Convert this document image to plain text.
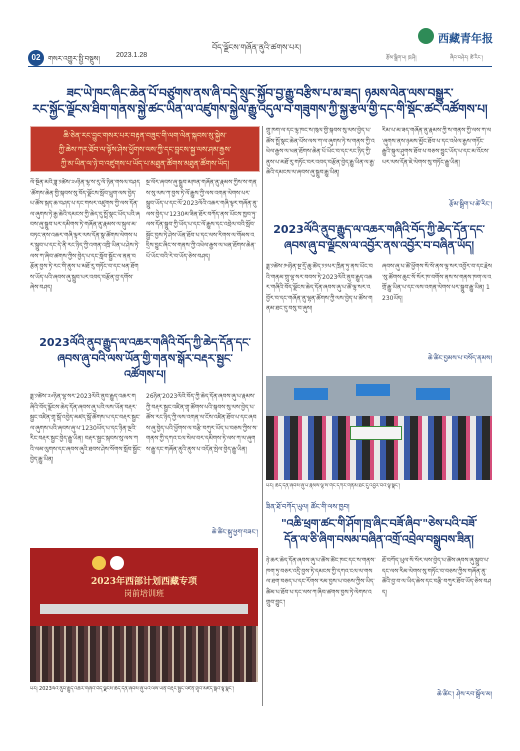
བོད་ལྗོངས་གཞོན་ནུའི་ཚགས་པར།
西藏青年报
02	གསར་འགྱུར་སྤྱི་བསྡུས། 2023.1.28	རྩོམ་སྒྲིག་པ། ཁྲ་ཤི།	ཞིབ་བཤེར། ཚེ་རིང་།
ཟང་ཡེ་ཁང་ཞིང་ཆེན་པོ་བཙུགས་ནས་ཞི་བདེ་སྲུང་སྐྱོབ་བྱ་རྒྱུ་བརྩིས་པ་མ་ཟད། ཉམས་ལེན་ལས་བསྒྱུར་
རང་སྐྱོང་ལྗོངས་ཐིག་གནས་སྐྱེ་ཚང་ཡིན་ལ་འཛུགས་སྐྱེལ་རྒྱུ་འདུལ་བ་གཟུགས་ཀྱི་སྐྱ་རྩལ་གྱི་དང་གི་སྡོང་ཚང་འཚོགས་པ།
ཆི་ཅེན་རང་བྱུང་གསར་པར་བརྟན་བཟུང་གི་ལག་ལེན་སྐབས་སུ་སྐྱེས་
ཀྱི་ཆེས་ཀར་ཐོབ་ལ་ལྟོས་ཤེས་ཕྱོགས་ལས་ཀྱི་དང་བླངས་སྐྱ་ལས་ཤམ་རྒྱས་
ཀྱི་མ་ཡིན་ལ་ཉེ་བ་འཛུགས་པ་ཡོད་པ་མཐུན་ཚོགས་མཐུན་ཚོགས་ཡོད།
ལོ་སྔོན་མའི་ཟླ་༡ཚེས་༢༦ཉིན་ལྷ་ས་རུ་ལོ་ཉིན་གསལ་བཤད་ཚོགས་ཆེན་གྱི་སྐབས་སུ་བོད་ལྗོངས་སློབ་ཕྲུག་ལས་བྱེད་པ་ཚོས་སྐད་ཆ་བཤད་པ་དང་གསར་འཛུགས་ཀྱི་ལས་དོན་ལ་ཞུགས་ཏེ་རྒྱ་ཆེའི་དམངས་ཀྱི་ཆེད་དུ་སྤྲོ་སྣང་ཡོད་པའི་ཞབས་ཞུ་སྒྲུབ་པར་དམིགས་ཏེ་གཞོན་ནུ་རྣམས་ལ་སྐུལ་མ་བཏང་ནས་འཆར་གཞི་ལྟར་ལས་དོན་སྣ་ཚོགས་ལེགས་པར་སྒྲུབ་པ་དང་དེ་ནི་རང་ཉིད་ཀྱི་འགན་འཁྲི་ཡིན་པ་ཤེས་ཏེ་ལས་ཀ་ཞིབ་ཚགས་ཀྱིས་བྱེད་པ་དང་སློབ་སྦྱོང་ལ་ནན་བརྩོན་བྱས་ཏེ་རང་གི་ནུས་པ་མཐོ་རུ་གཏོང་བ་དང་ཕན་ཐོགས་ཡོད་པའི་ཞབས་ཞུ་སྒྲུབ་པར་འབད་བརྩོན་བྱ་དགོས་ཞེས་བཤད།
སྔ་ལོར་ཞབས་ཞུ་སྒྲུབ་མཁན་གཞོན་ནུ་རྣམས་ཀྱིས་ས་གནས་སུ་ལས་ཀ་བྱས་ཏེ་ལོ་རྒྱུས་ཀྱི་ལས་འགན་ལེགས་པར་སྒྲུབ་ཡོད་པ་དང་ལོ་2023ལོའི་འཆར་གཞི་ལྟར་གཞོན་ནུ་ལས་བྱེད་པ་1230མ་ཟིན་ཐོར་བཀོད་ནས་ཡོངས་ཁྱབ་ཏུ་ལས་དོན་སྒྲུབ་ཀྱི་ཡོད་པ་དང་ལོ་རྒྱུས་དང་འབྲེལ་བའི་སློབ་སྦྱོང་བྱས་ཏེ་ཤེས་ཡོན་ཐོབ་པ་དང་ལས་རིགས་ལ་གོམས་འདྲིས་བྱུང་ཞིང་ས་གནས་ཀྱི་འཕེལ་རྒྱས་ལ་ཕན་ཐོགས་ཆེན་པོ་ཡོང་བའི་རེ་བ་ཡོད་ཅེས་བཤད།
2023ལོའི་ནུབ་རྒྱུད་ལ་འཆར་གཞིའི་བོད་ཀྱི་ཆེད་དོན་དང་
ཞབས་ཞུ་བའི་ལས་ཡོན་གྱི་གནས་སྒོར་བརྡར་སྦྱང་
འཚོགས་པ།
ཟླ་༡ཚེས་༢༦ཉིན་ལྷ་སར་2023ལོའི་ནུབ་རྒྱུད་འཆར་གཞིའི་བོད་ལྗོངས་ཆེད་དོན་ཞབས་ཞུ་པའི་ལས་ཡོན་བརྡར་སྦྱང་འཛིན་གྲྭ་སྒོ་འབྱེད་མཛད་སྒོ་ཚོགས་པ་དང་བརྡར་སྦྱང་ལ་ཞུགས་པའི་ཞབས་ཞུ་པ་1230ཡོད་པ་དང་ཉིན་ལྔའི་རིང་བརྡར་སྦྱང་བྱེད་རྒྱུ་ཡིན། བརྡར་སྦྱང་སྐབས་སུ་ལས་ཀའི་ལམ་ལུགས་དང་ཞབས་ཞུའི་ཐབས་ཤེས་སོགས་སློབ་སྦྱོང་བྱེད་རྒྱུ་ཡིན།
26ཉིན་2023ལོའི་བོད་ཀྱི་ཆེད་དོན་ཞབས་ཞུ་པ་རྣམས་ཀྱི་བརྡར་སྦྱང་འཛིན་གྲྭ་ཚོགས་པའི་སྐབས་སུ་ལས་བྱེད་པ་ཚོས་རང་ཉིད་ཀྱི་ལས་འགན་ལ་ངོས་འཛིན་ཐོབ་པ་དང་ཞབས་ཞུ་བྱེད་པའི་ཕྱོགས་ལ་བརྩི་བཀུར་ཡོད་པ་བཅས་ཀྱིས་ས་གནས་ཀྱི་དཀའ་ངལ་སེལ་བར་དམིགས་ཏེ་ལས་ཀ་ལ་ཞུགས་རྒྱུ་དང་གཞོན་ནུའི་ནུས་པ་འདོན་སྤེལ་བྱེད་རྒྱུ་ཡིན།
ཆེ་ཚིང་སྐུ་ཕྱག་བཟང་།
2023年西部计划西藏专项
岗前培训班
པར། 2023ལོའི་ནུབ་རྒྱུད་འཆར་གཞིའི་བོད་ལྗོངས་ཆེད་དོན་ཞབས་ཞུ་པའི་ལས་ཡོན་བརྡར་སྦྱང་འཛིན་གྲྭའི་མཛད་སྒོའི་ལྟ་སྣང་།
གྲུ་ཁག་ལ་དང་ལྷ་ཁང་ས་ཁུལ་གྱི་སྐབས་སུ་ལས་བྱེད་པ་ཚོས་སྤྲོ་སྣང་ཆེན་པོས་ལས་ཀ་ལ་ཞུགས་ཏེ་ས་གནས་ཀྱི་འཕེལ་རྒྱས་ལ་ཕན་ཐོགས་ཆེན་པོ་ཡོང་བ་དང་རང་ཉིད་ཀྱི་ནུས་པ་མཐོ་རུ་གཏོང་བར་འབད་བརྩོན་བྱེད་རྒྱུ་ཡིན་ལ་རྒྱ་ཆེའི་དམངས་ལ་ཞབས་ཞུ་སྒྲུབ་རྒྱུ་ཡིན།
རིམ་པ་མ་ཟད་གཞོན་ནུ་རྣམས་ཀྱི་ས་གནས་ཀྱི་ལས་ཀ་ལ་ཞུགས་ནས་ཉམས་མྱོང་ཐོབ་པ་དང་འཕེལ་རྒྱས་གཏོང་རྒྱུའི་སྐུལ་ཤུགས་ཐོབ་པ་བཅས་བྱུང་ཡོད་པ་དང་མ་འོངས་པར་ལས་དོན་ཇེ་ལེགས་སུ་གཏོང་རྒྱུ་ཡིན།
རྩོམ་སྒྲིག་པ་ཚེ་རིང་།
2023ལོའི་ནུབ་རྒྱུད་ལ་འཆར་གཞིའི་བོད་ཀྱི་ཆེད་དོན་དང་
ཞབས་ཞུ་བ་ལྗོངས་ལ་འབྱོར་ནས་འབྱོར་བ་བཞིན་ཡོད།
ཟླ་༡ཚེས་༡༥ཉིན་སྔ་དྲོ་ཆུ་ཚོད་༡༡པར་ཁྲིན་ཏུ་ནས་ཡོང་བའི་གནམ་གྲུ་ལྷ་སར་བབས་ཏེ་2023ལོའི་ནུབ་རྒྱུད་འཆར་གཞིའི་བོད་ལྗོངས་ཆེད་དོན་ཞབས་ཞུ་པ་ཚོ་ལྷ་སར་འབྱོར་བ་དང་གཞོན་ནུ་ལྷན་ཚོགས་ཀྱི་ལས་བྱེད་པ་ཚོས་གནམ་ཐང་དུ་བསུ་བ་ཞུས།
ཞབས་ཞུ་པ་ཚོ་ཕྱོགས་སོ་སོ་ནས་ལྷ་སར་འབྱོར་བ་དང་རྗེས་སུ་ཚོགས་ཆུང་སོ་སོར་ཁ་བགོས་ནས་ས་གནས་ཁག་ལ་འགྲོ་རྒྱུ་ཡིན་པ་དང་ལས་འགན་ལེགས་པར་སྒྲུབ་རྒྱུ་ཡིན། 1230ཡོད།
ཆེ་ཚིང་བྱམས་པ་བསོད་ནམས།
པར། ཆེད་དོན་ཞབས་ཞུ་པ་རྣམས་ལྷ་ས་གོང་དཀར་གནམ་ཐང་དུ་འབྱོར་བའི་ལྟ་སྣང་།
ཟིན་ཐོ་བཀོད་ཡུལ། ཚོང་གི་ལས་ཁྱབ།
"འཆི་ཕྲག་ཚང་གི་ཤོག་ཁྲ་ཞིང་བཟོ་ཞིབ་"ཅེས་པའི་བཟོ་
དོན་ལ་ཅི་ཞིག་བསམ་བཞིན་འགྲོ་འབྲེལ་བསྒྲུབས་ཟིན།
ཉེ་ཆར་ཆེད་དོན་ཞབས་ཞུ་པ་ཚོས་ཚོང་ཁང་དང་ས་གནས་ཁག་ཏུ་བཅར་འདྲི་བྱས་ཏེ་དམངས་ཀྱི་དཀའ་ངལ་ལ་གསལ་ཐག་བཅད་པ་དང་རོགས་རམ་བྱས་པ་བཅས་ཀྱིས་ཡིད་ཚིམ་པ་ཐོབ་པ་དང་ལས་ཀ་ཞིབ་ཚགས་བྱས་ཏེ་ལེགས་འགྲུབ་བྱུང་།
ཐོ་བཀོད་ཡུལ་སོ་སོར་ལས་བྱེད་པ་ཚོས་ཞབས་ཞུ་སྒྲུབ་པ་དང་ལས་རིམ་ལེགས་སུ་གཏོང་བ་བཅས་ཀྱིས་གཞོན་ནུ་ཚོའི་བྱ་བ་ལ་ཡིད་ཆེས་དང་བརྩི་བཀུར་ཐོབ་ཡོད་ཅེས་བཤད།
ཆེ་ཚིང་། ཤེས་རབ་སྒྲོལ་མ།
